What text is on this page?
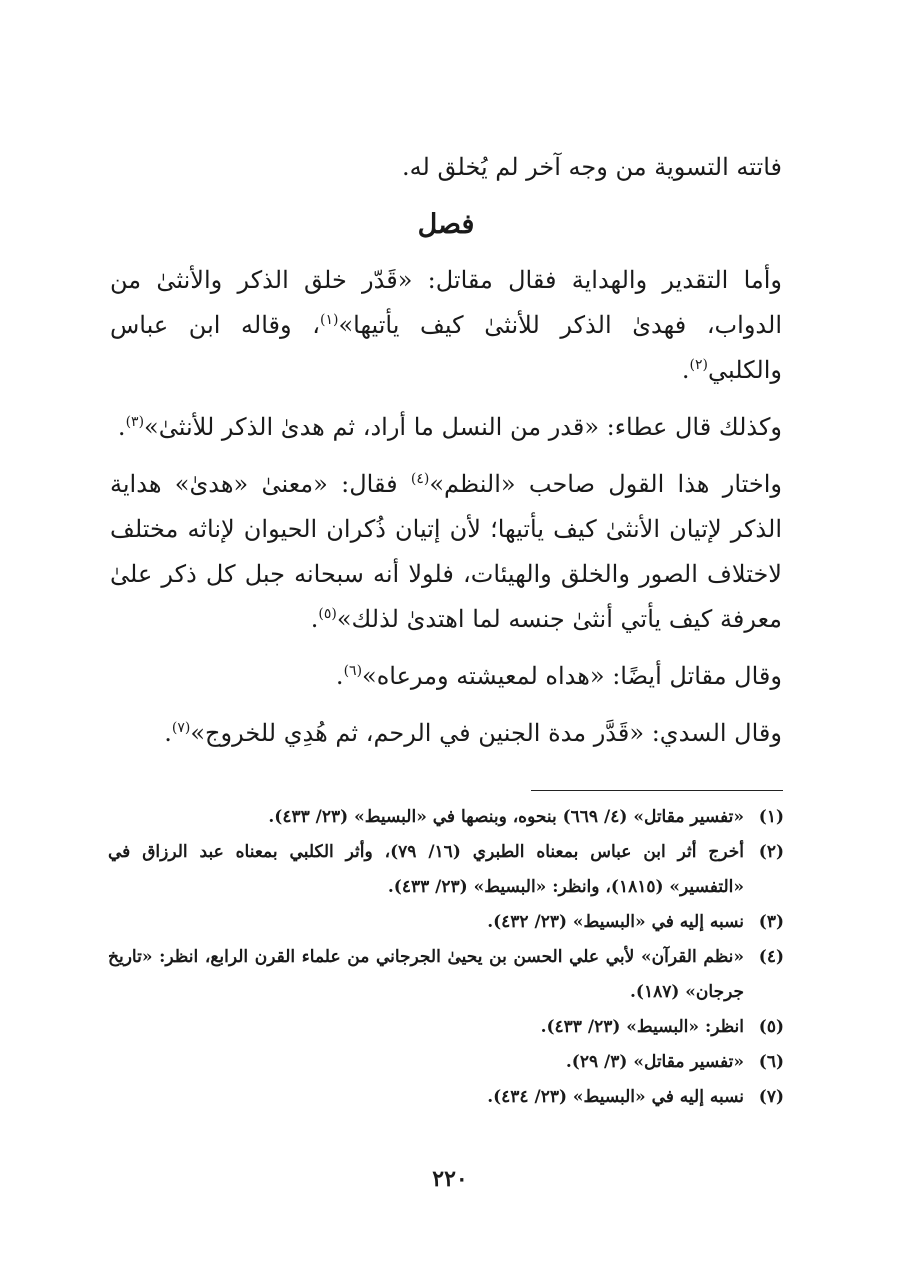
فاتته التسوية من وجه آخر لم يُخلق له.

فصل

وأما التقدير والهداية فقال مقاتل: «قَدّر خلق الذكر والأنثىٰ من الدواب، فهدىٰ الذكر للأنثىٰ كيف يأتيها»$^{(١)}$، وقاله ابن عباس والكلبي$^{(٢)}$.

وكذلك قال عطاء: «قدر من النسل ما أراد، ثم هدىٰ الذكر للأنثىٰ»$^{(٣)}$.

واختار هذا القول صاحب «النظم»$^{(٤)}$ فقال: «معنىٰ «هدىٰ» هداية الذكر لإتيان الأنثىٰ كيف يأتيها؛ لأن إتيان ذُكران الحيوان لإناثه مختلف لاختلاف الصور والخلق والهيئات، فلولا أنه سبحانه جبل كل ذكر علىٰ معرفة كيف يأتي أنثىٰ جنسه لما اهتدىٰ لذلك»$^{(٥)}$.

وقال مقاتل أيضًا: «هداه لمعيشته ومرعاه»$^{(٦)}$.

وقال السدي: «قَدَّر مدة الجنين في الرحم، ثم هُدِي للخروج»$^{(٧)}$.

(١)
«تفسير مقاتل» (٤/ ٦٦٩) بنحوه، وبنصها في «البسيط» (٢٣/ ٤٣٣).
(٢)
أخرج أثر ابن عباس بمعناه الطبري (١٦/ ٧٩)، وأثر الكلبي بمعناه عبد الرزاق في «التفسير» (١٨١٥)، وانظر: «البسيط» (٢٣/ ٤٣٣).
(٣)
نسبه إليه في «البسيط» (٢٣/ ٤٣٢).
(٤)
«نظم القرآن» لأبي علي الحسن بن يحيىٰ الجرجاني من علماء القرن الرابع، انظر: «تاريخ جرجان» (١٨٧).
(٥)
انظر: «البسيط» (٢٣/ ٤٣٣).
(٦)
«تفسير مقاتل» (٣/ ٢٩).
(٧)
نسبه إليه في «البسيط» (٢٣/ ٤٣٤).
٢٢٠
